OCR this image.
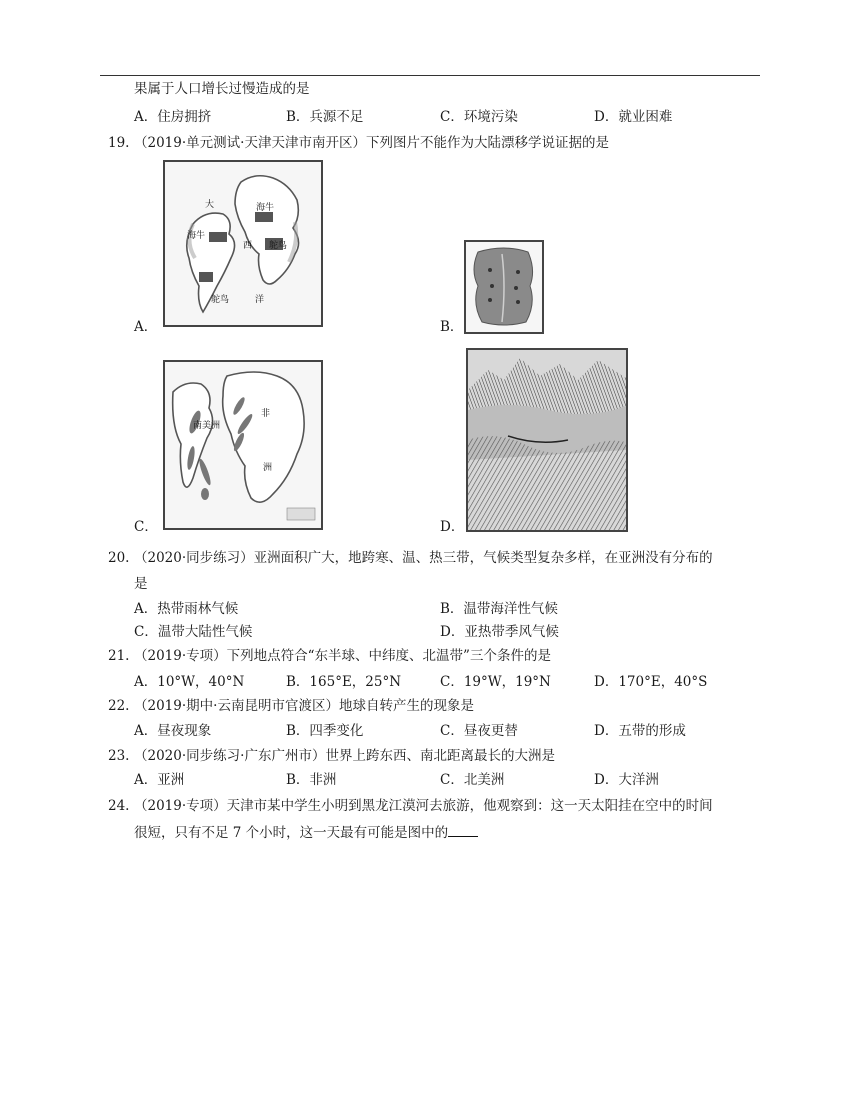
果属于人口增长过慢造成的是
A．住房拥挤	B．兵源不足	C．环境污染	D．就业困难
19. （2019·单元测试·天津天津市南开区）下列图片不能作为大陆漂移学说证据的是
大	海牛
海牛
西 鸵鸟
鸵鸟	洋
A．	B．
南美洲
非
洲
C．	D．
20. （2020·同步练习）亚洲面积广大，地跨寒、温、热三带，气候类型复杂多样，在亚洲没有分布的
是
A．热带雨林气候	B．温带海洋性气候
C．温带大陆性气候	D．亚热带季风气候
21. （2019·专项）下列地点符合“东半球、中纬度、北温带”三个条件的是
A．10°W，40°N	B．165°E，25°N	C．19°W，19°N	D．170°E，40°S
22. （2019·期中·云南昆明市官渡区）地球自转产生的现象是
A．昼夜现象	B．四季变化	C．昼夜更替	D．五带的形成
23. （2020·同步练习·广东广州市）世界上跨东西、南北距离最长的大洲是
A．亚洲	B．非洲	C．北美洲	D．大洋洲
24. （2019·专项）天津市某中学生小明到黑龙江漠河去旅游，他观察到：这一天太阳挂在空中的时间
很短，只有不足 7 个小时，这一天最有可能是图中的
